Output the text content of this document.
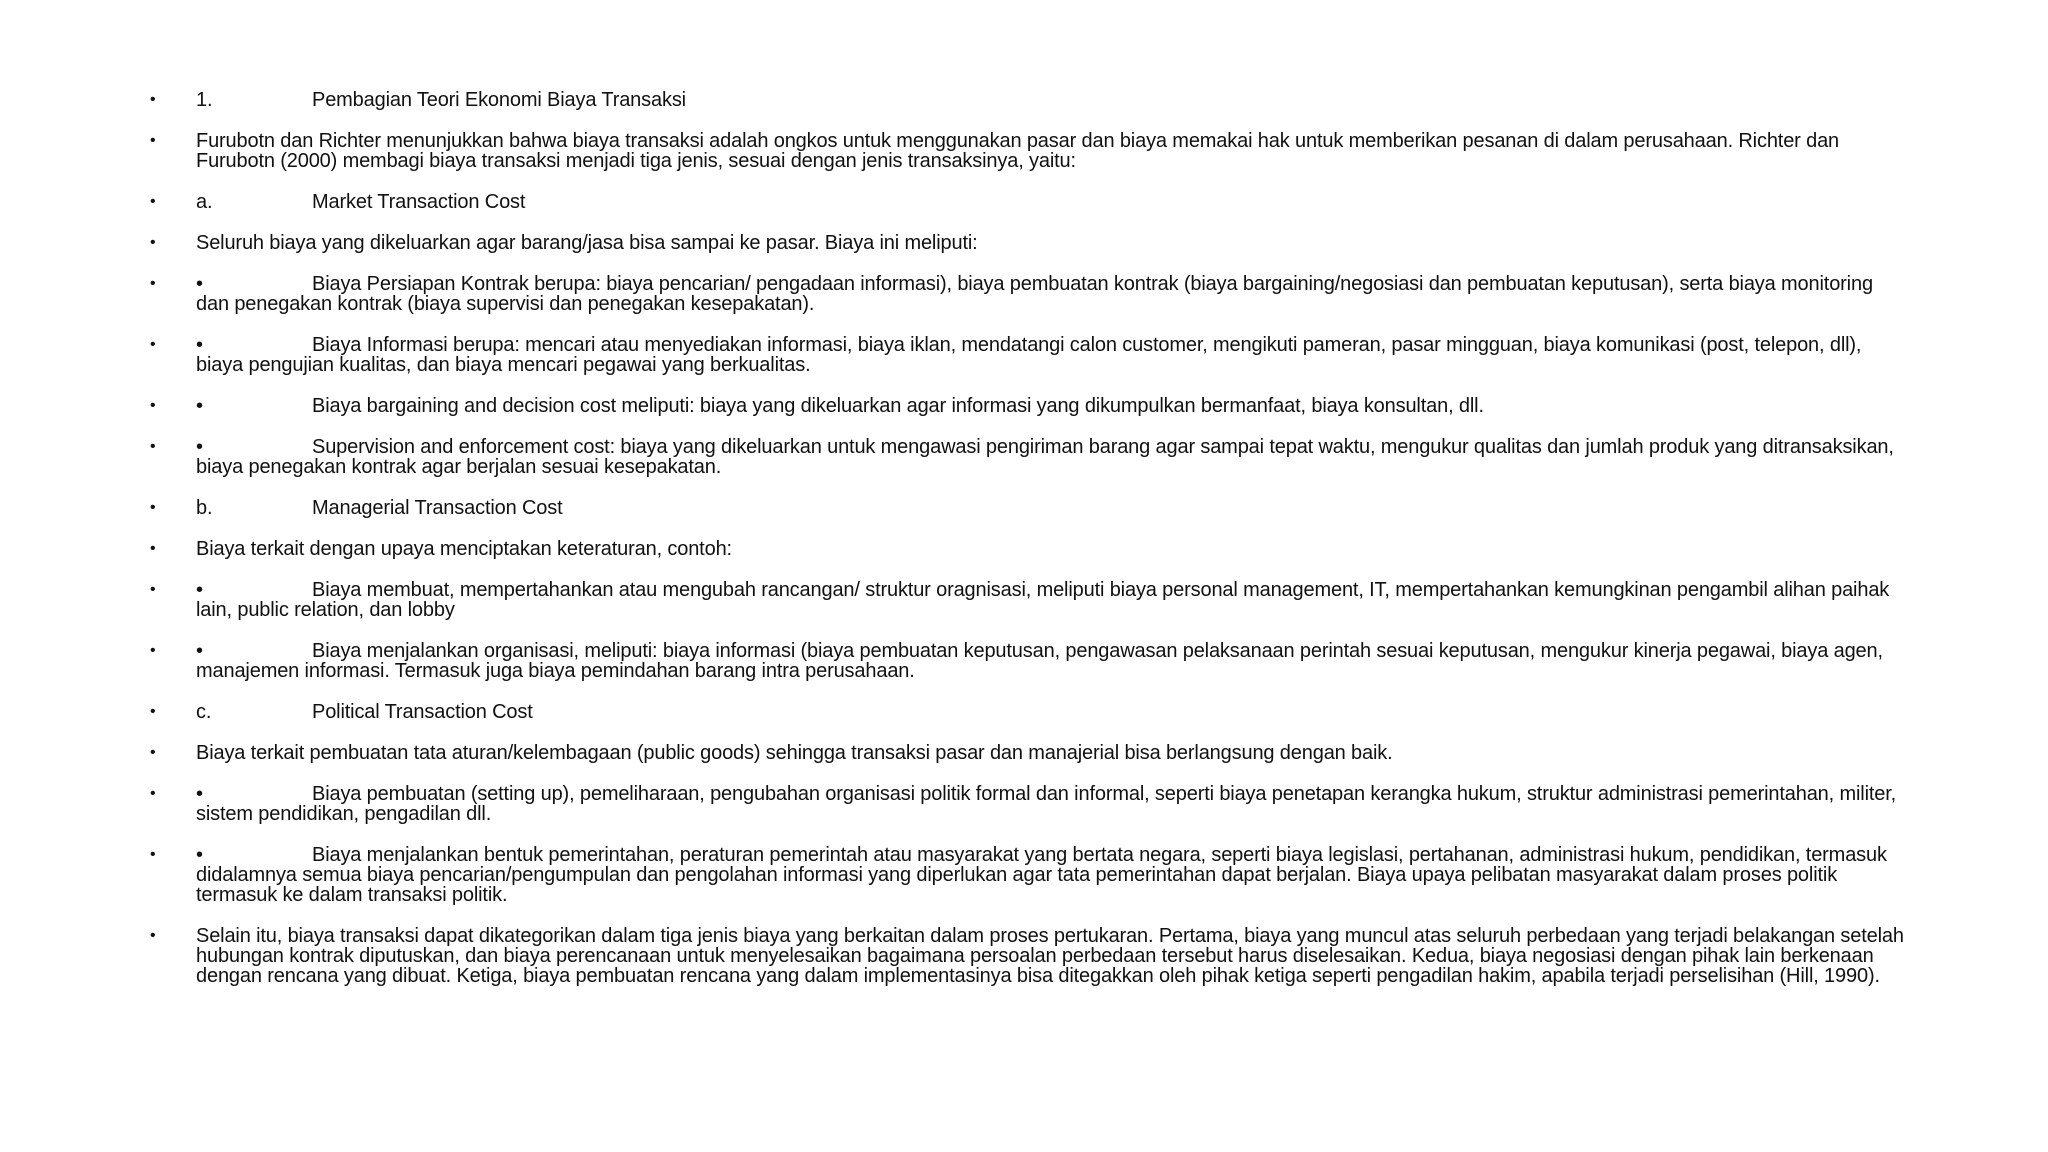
•	1.	Pembagian Teori Ekonomi Biaya Transaksi
•	Furubotn dan Richter menunjukkan bahwa biaya transaksi adalah ongkos untuk menggunakan pasar dan biaya memakai hak untuk memberikan pesanan di dalam perusahaan. Richter dan Furubotn (2000) membagi biaya transaksi menjadi tiga jenis, sesuai dengan jenis transaksinya, yaitu:
•	a.	Market Transaction Cost
•	Seluruh biaya yang dikeluarkan agar barang/jasa bisa sampai ke pasar. Biaya ini meliputi:
•	•	Biaya Persiapan Kontrak berupa: biaya pencarian/ pengadaan informasi), biaya pembuatan kontrak (biaya bargaining/negosiasi dan pembuatan keputusan), serta biaya monitoring dan penegakan kontrak (biaya supervisi dan penegakan kesepakatan).
•	•	Biaya Informasi berupa: mencari atau menyediakan informasi, biaya iklan, mendatangi calon customer, mengikuti pameran, pasar mingguan, biaya komunikasi (post, telepon, dll), biaya pengujian kualitas, dan biaya mencari pegawai yang berkualitas.
•	•	Biaya bargaining and decision cost meliputi: biaya yang dikeluarkan agar informasi yang dikumpulkan bermanfaat, biaya konsultan, dll.
•	•	Supervision and enforcement cost: biaya yang dikeluarkan untuk mengawasi pengiriman barang agar sampai tepat waktu, mengukur qualitas dan jumlah produk yang ditransaksikan, biaya penegakan kontrak agar berjalan sesuai kesepakatan.
•	b.	Managerial Transaction Cost
•	Biaya terkait dengan upaya menciptakan keteraturan, contoh:
•	•	Biaya membuat, mempertahankan atau mengubah rancangan/ struktur oragnisasi, meliputi biaya personal management, IT, mempertahankan kemungkinan pengambil alihan paihak lain, public relation, dan lobby
•	•	Biaya menjalankan organisasi, meliputi: biaya informasi (biaya pembuatan keputusan, pengawasan pelaksanaan perintah sesuai keputusan, mengukur kinerja pegawai, biaya agen, manajemen informasi. Termasuk juga biaya pemindahan barang intra perusahaan.
•	c.	Political Transaction Cost
•	Biaya terkait pembuatan tata aturan/kelembagaan (public goods) sehingga transaksi pasar dan manajerial bisa berlangsung dengan baik.
•	•	Biaya pembuatan (setting up), pemeliharaan, pengubahan organisasi politik formal dan informal, seperti biaya penetapan kerangka hukum, struktur administrasi pemerintahan, militer, sistem pendidikan, pengadilan dll.
•	•	Biaya menjalankan bentuk pemerintahan, peraturan pemerintah atau masyarakat yang bertata negara, seperti biaya legislasi, pertahanan, administrasi hukum, pendidikan, termasuk didalamnya semua biaya pencarian/pengumpulan dan pengolahan informasi yang diperlukan agar tata pemerintahan dapat berjalan. Biaya upaya pelibatan masyarakat dalam proses politik termasuk ke dalam transaksi politik.
•	Selain itu, biaya transaksi dapat dikategorikan dalam tiga jenis biaya yang berkaitan dalam proses pertukaran. Pertama, biaya yang muncul atas seluruh perbedaan yang terjadi belakangan setelah hubungan kontrak diputuskan, dan biaya perencanaan untuk menyelesaikan bagaimana persoalan perbedaan tersebut harus diselesaikan. Kedua, biaya negosiasi dengan pihak lain berkenaan dengan rencana yang dibuat. Ketiga, biaya pembuatan rencana yang dalam implementasinya bisa ditegakkan oleh pihak ketiga seperti pengadilan hakim, apabila terjadi perselisihan (Hill, 1990).
